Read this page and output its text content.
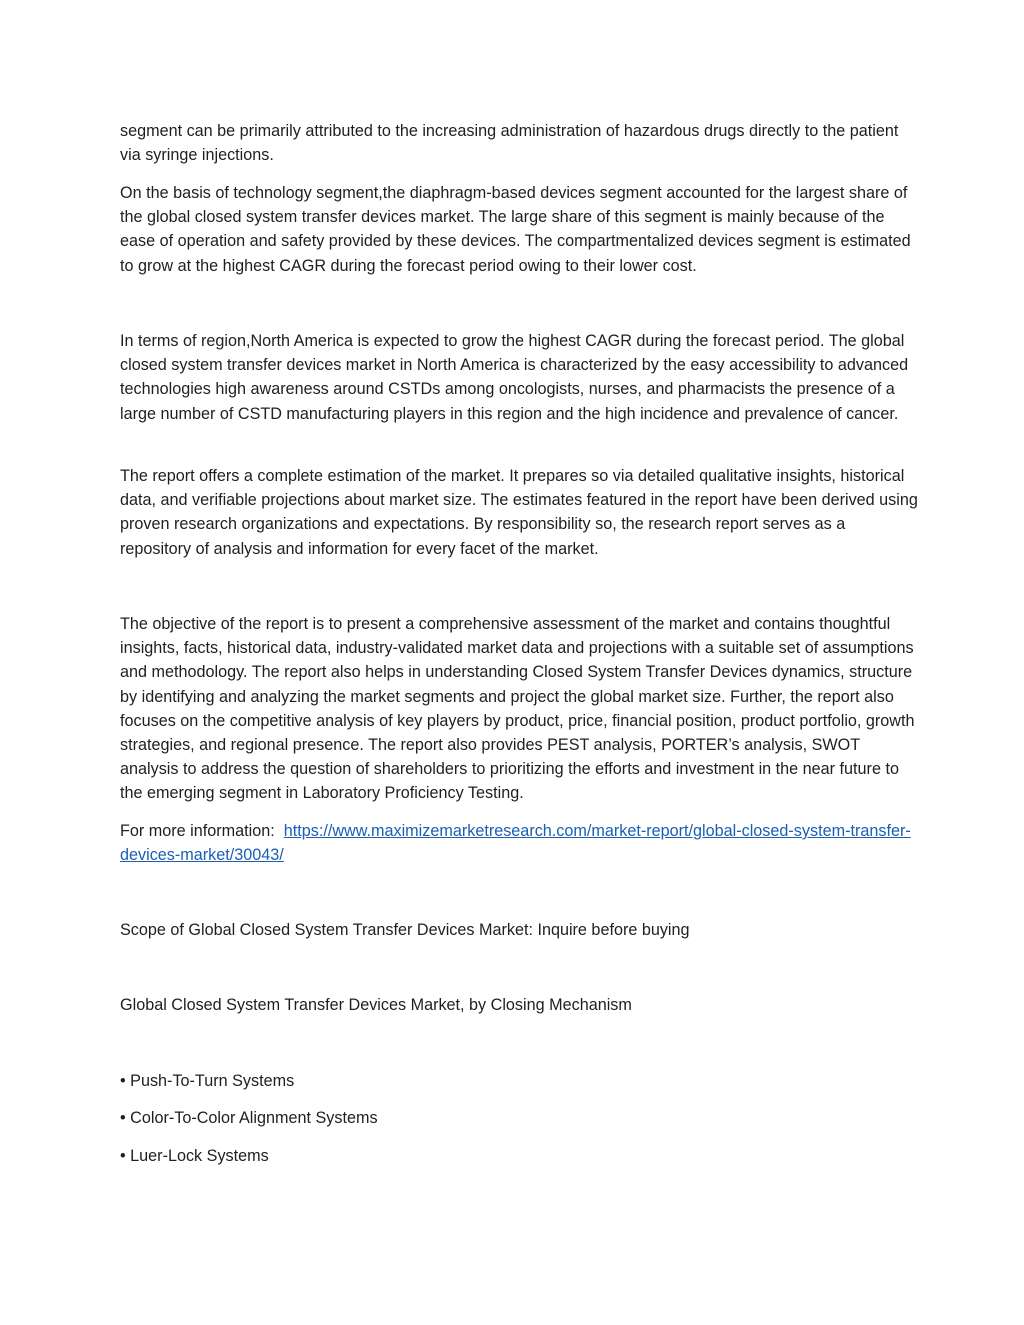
segment can be primarily attributed to the increasing administration of hazardous drugs directly to the patient via syringe injections.

On the basis of technology segment,the diaphragm-based devices segment accounted for the largest share of the global closed system transfer devices market. The large share of this segment is mainly because of the ease of operation and safety provided by these devices. The compartmentalized devices segment is estimated to grow at the highest CAGR during the forecast period owing to their lower cost.

In terms of region,North America is expected to grow the highest CAGR during the forecast period. The global closed system transfer devices market in North America is characterized by the easy accessibility to advanced technologies high awareness around CSTDs among oncologists, nurses, and pharmacists the presence of a large number of CSTD manufacturing players in this region and the high incidence and prevalence of cancer.

The report offers a complete estimation of the market. It prepares so via detailed qualitative insights, historical data, and verifiable projections about market size. The estimates featured in the report have been derived using proven research organizations and expectations. By responsibility so, the research report serves as a repository of analysis and information for every facet of the market.

The objective of the report is to present a comprehensive assessment of the market and contains thoughtful insights, facts, historical data, industry-validated market data and projections with a suitable set of assumptions and methodology. The report also helps in understanding Closed System Transfer Devices dynamics, structure by identifying and analyzing the market segments and project the global market size. Further, the report also focuses on the competitive analysis of key players by product, price, financial position, product portfolio, growth strategies, and regional presence. The report also provides PEST analysis, PORTER’s analysis, SWOT analysis to address the question of shareholders to prioritizing the efforts and investment in the near future to the emerging segment in Laboratory Proficiency Testing.

For more information: https://www.maximizemarketresearch.com/market-report/global-closed-system-transfer-devices-market/30043/

Scope of Global Closed System Transfer Devices Market: Inquire before buying

Global Closed System Transfer Devices Market, by Closing Mechanism

• Push-To-Turn Systems

• Color-To-Color Alignment Systems

• Luer-Lock Systems
